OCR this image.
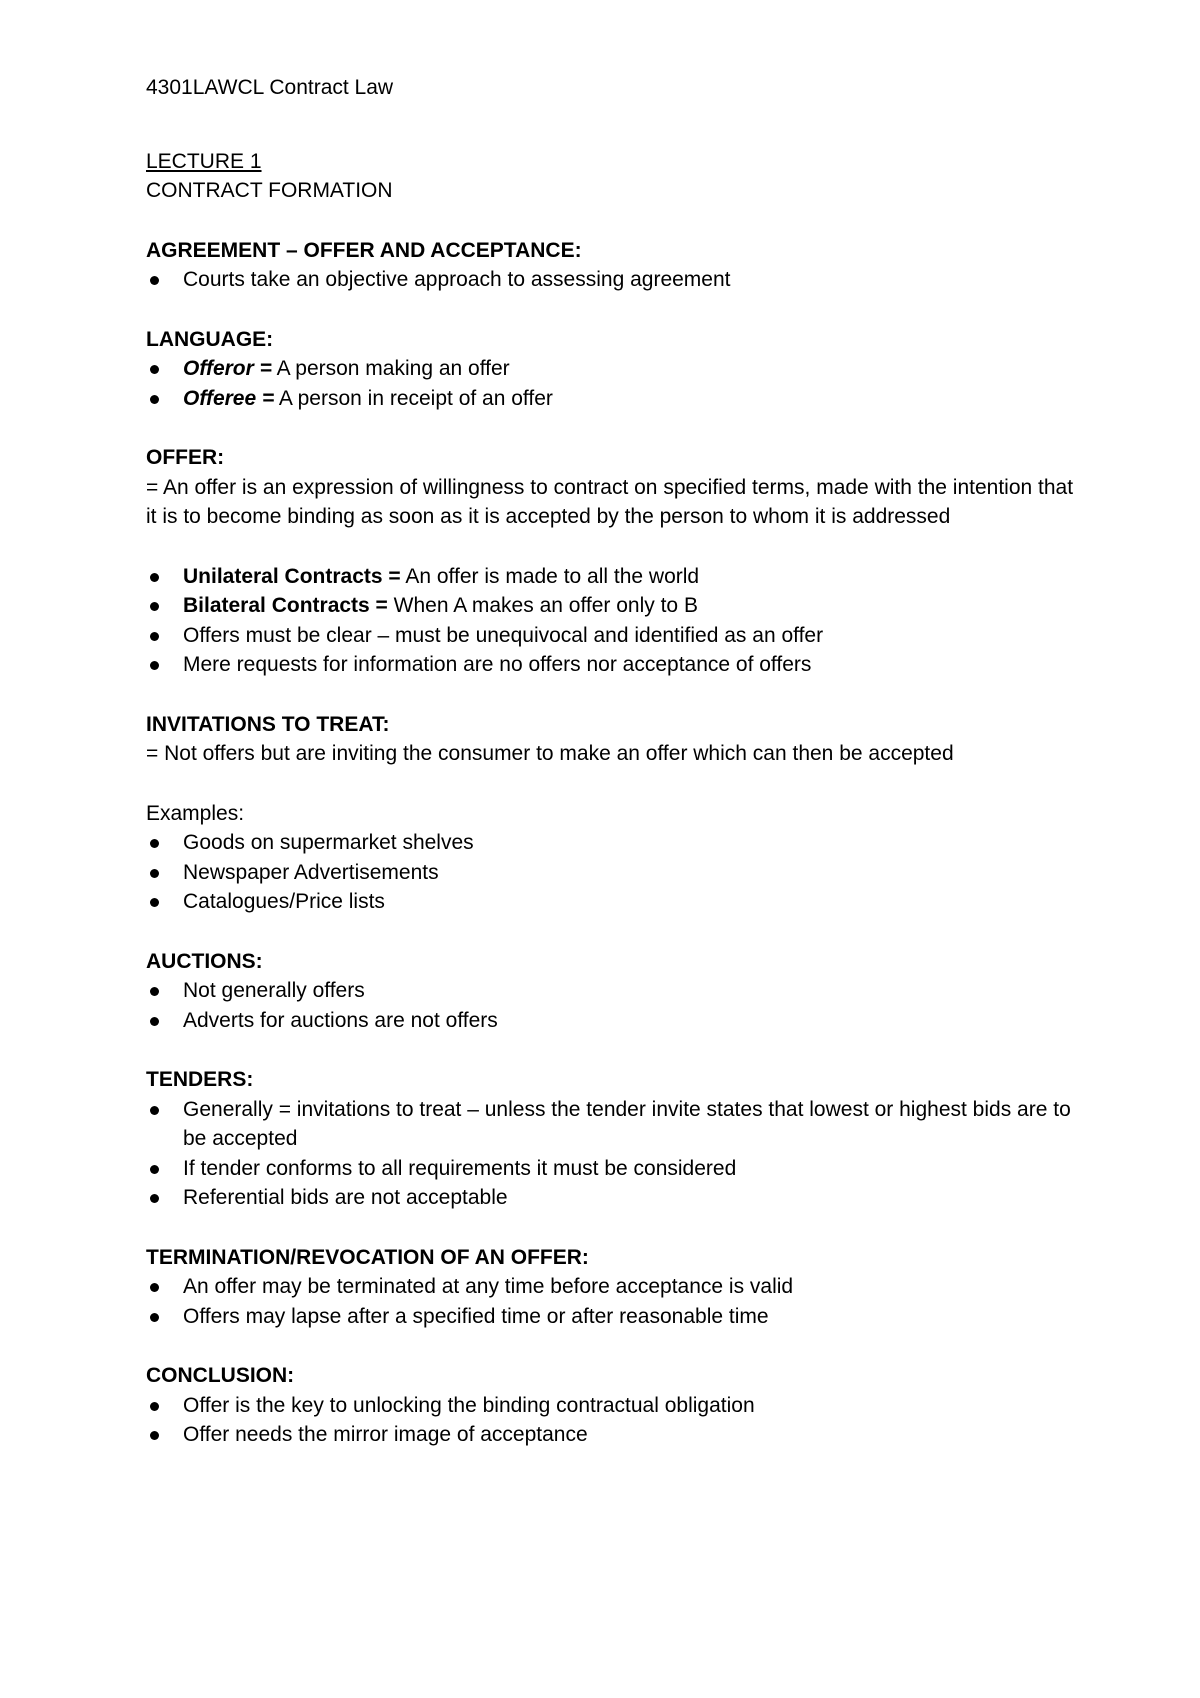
4301LAWCL Contract Law

LECTURE 1

CONTRACT FORMATION

AGREEMENT – OFFER AND ACCEPTANCE:

Courts take an objective approach to assessing agreement

LANGUAGE:

Offeror = A person making an offer
Offeree = A person in receipt of an offer

OFFER:

= An offer is an expression of willingness to contract on specified terms, made with the intention that it is to become binding as soon as it is accepted by the person to whom it is addressed

Unilateral Contracts = An offer is made to all the world
Bilateral Contracts = When A makes an offer only to B
Offers must be clear – must be unequivocal and identified as an offer
Mere requests for information are no offers nor acceptance of offers

INVITATIONS TO TREAT:

= Not offers but are inviting the consumer to make an offer which can then be accepted

Examples:

Goods on supermarket shelves
Newspaper Advertisements
Catalogues/Price lists

AUCTIONS:

Not generally offers
Adverts for auctions are not offers

TENDERS:

Generally = invitations to treat – unless the tender invite states that lowest or highest bids are to be accepted
If tender conforms to all requirements it must be considered
Referential bids are not acceptable

TERMINATION/REVOCATION OF AN OFFER:

An offer may be terminated at any time before acceptance is valid
Offers may lapse after a specified time or after reasonable time

CONCLUSION:

Offer is the key to unlocking the binding contractual obligation
Offer needs the mirror image of acceptance
